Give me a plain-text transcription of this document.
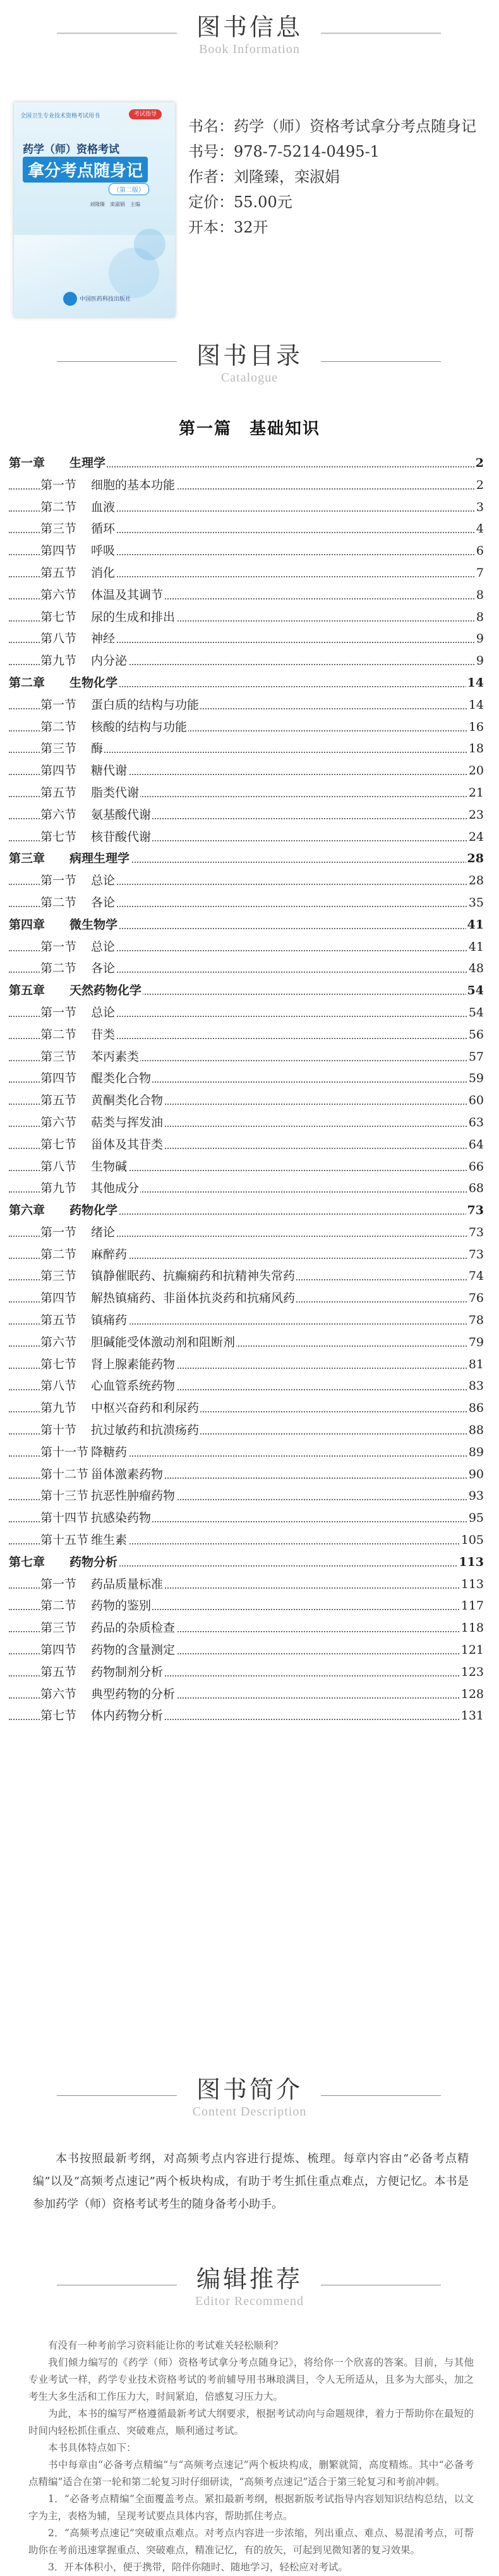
图书信息
Book Information
全国卫生专业技术资格考试用书	考试指导
药学（师）资格考试
拿分考点随身记
（第二版）
刘隆臻　栾淑娟　主编
中国医药科技出版社

书名：药学（师）资格考试拿分考点随身记

书号：978-7-5214-0495-1

作者：刘隆臻，栾淑娟

定价：55.00元

开本：32开

图书目录
Catalogue
第一篇　基础知识
第一章 生理学	2
第一节 细胞的基本功能	2
第二节 血液	3
第三节 循环	4
第四节 呼吸	6
第五节 消化	7
第六节 体温及其调节	8
第七节 尿的生成和排出	8
第八节 神经	9
第九节 内分泌	9
第二章 生物化学	14
第一节 蛋白质的结构与功能	14
第二节 核酸的结构与功能	16
第三节 酶	18
第四节 糖代谢	20
第五节 脂类代谢	21
第六节 氨基酸代谢	23
第七节 核苷酸代谢	24
第三章 病理生理学	28
第一节 总论	28
第二节 各论	35
第四章 微生物学	41
第一节 总论	41
第二节 各论	48
第五章 天然药物化学	54
第一节 总论	54
第二节 苷类	56
第三节 苯丙素类	57
第四节 醌类化合物	59
第五节 黄酮类化合物	60
第六节 萜类与挥发油	63
第七节 甾体及其苷类	64
第八节 生物碱	66
第九节 其他成分	68
第六章 药物化学	73
第一节 绪论	73
第二节 麻醉药	73
第三节 镇静催眠药、抗癫痫药和抗精神失常药	74
第四节 解热镇痛药、非甾体抗炎药和抗痛风药	76
第五节 镇痛药	78
第六节 胆碱能受体激动剂和阻断剂	79
第七节 肾上腺素能药物	81
第八节 心血管系统药物	83
第九节 中枢兴奋药和利尿药	86
第十节 抗过敏药和抗溃疡药	88
第十一节 降糖药	89
第十二节 甾体激素药物	90
第十三节 抗恶性肿瘤药物	93
第十四节 抗感染药物	95
第十五节 维生素	105
第七章 药物分析	113
第一节 药品质量标准	113
第二节 药物的鉴别	117
第三节 药品的杂质检查	118
第四节 药物的含量测定	121
第五节 药物制剂分析	123
第六节 典型药物的分析	128
第七节 体内药物分析	131
图书简介
Content Description

本书按照最新考纲，对高频考点内容进行提炼、梳理。每章内容由“必备考点精编”以及“高频考点速记”两个板块构成，有助于考生抓住重点难点，方便记忆。本书是参加药学（师）资格考试考生的随身备考小助手。

编辑推荐
Editor Recommend

有没有一种考前学习资料能让你的考试难关轻松顺利？

我们倾力编写的《药学（师）资格考试拿分考点随身记》，将给你一个欣喜的答案。目前，与其他专业考试一样，药学专业技术资格考试的考前辅导用书琳琅满目，令人无所适从，且多为大部头，加之考生大多生活和工作压力大，时间紧迫，倍感复习压力大。

为此，本书的编写严格遵循最新考试大纲要求，根据考试动向与命题规律，着力于帮助你在最短的时间内轻松抓住重点、突破难点，顺利通过考试。

本书具体特点如下：

书中每章由“必备考点精编”与“高频考点速记”两个板块构成，删繁就简，高度精炼。其中“必备考点精编”适合在第一轮和第二轮复习时仔细研读，“高频考点速记”适合于第三轮复习和考前冲刺。

1．“必备考点精编”全面覆盖考点。紧扣最新考纲，根据新版考试指导内容划知识结构总结，以文字为主，表格为辅，呈现考试要点具体内容，帮助抓住考点。

2．“高频考点速记”突破重点难点。对考点内容进一步浓缩，列出重点、难点、易混淆考点，可帮助你在考前迅速掌握重点、突破难点，精准记忆，有的放矢，可起到见微知著的复习效果。

3．开本体积小，便于携带，陪伴你随时、随地学习，轻松应对考试。
